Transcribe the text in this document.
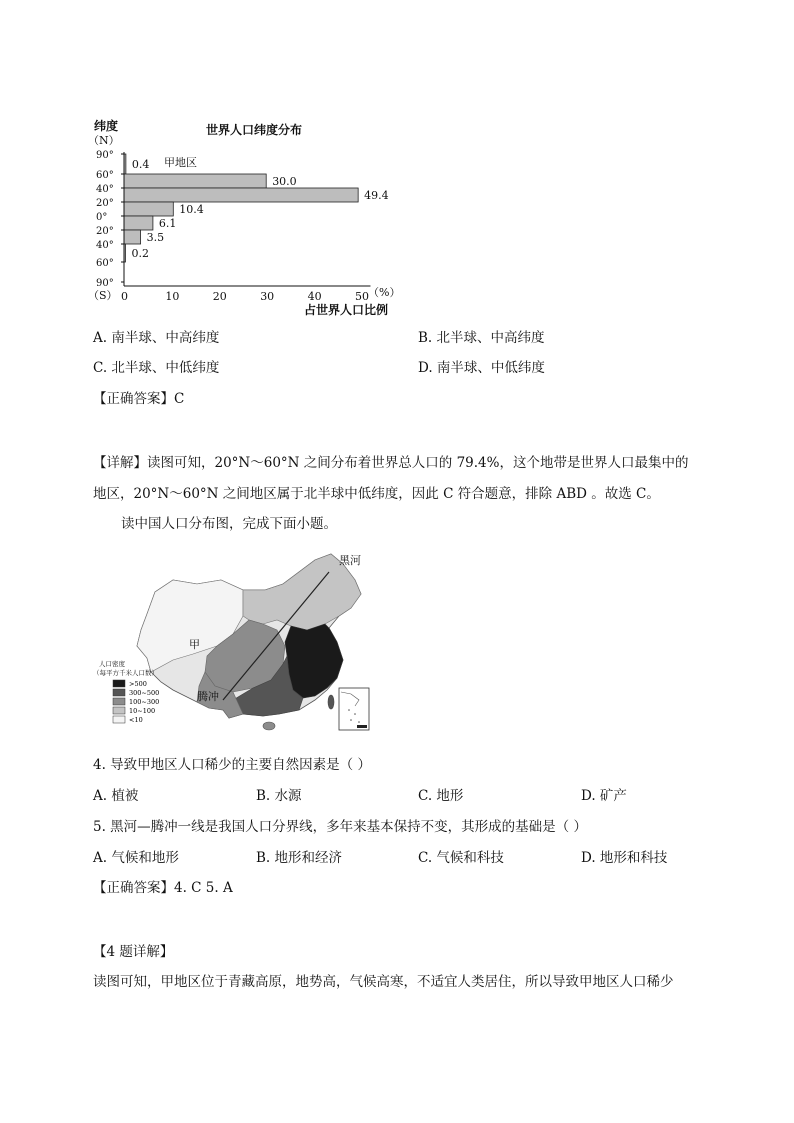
世界人口纬度分布
纬度
（N）
（S）
90°
60°
40°
20°
0°
20°
40°
60°
90°
0.4
30.0
49.4
10.4
6.1
3.5
0.2
0	10	20	30	40	50 （%）
占世界人口比例
甲地区
A. 南半球、中高纬度	B. 北半球、中高纬度
C. 北半球、中低纬度	D. 南半球、中低纬度
【正确答案】C
【详解】读图可知，20°N～60°N 之间分布着世界总人口的 79.4%，这个地带是世界人口最集中的
地区，20°N～60°N 之间地区属于北半球中低纬度，因此 C 符合题意，排除 ABD 。故选 C。
读中国人口分布图，完成下面小题。
黑河
腾冲
甲
人口密度
（每平方千米人口数）
>500
300~500
100~300
10~100
<10
4. 导致甲地区人口稀少的主要自然因素是（ ）
A. 植被	B. 水源	C. 地形	D. 矿产
5. 黑河—腾冲一线是我国人口分界线，多年来基本保持不变，其形成的基础是（ ）
A. 气候和地形	B. 地形和经济	C. 气候和科技	D. 地形和科技
【正确答案】4. C 5. A
【4 题详解】
读图可知，甲地区位于青藏高原，地势高，气候高寒，不适宜人类居住，所以导致甲地区人口稀少
